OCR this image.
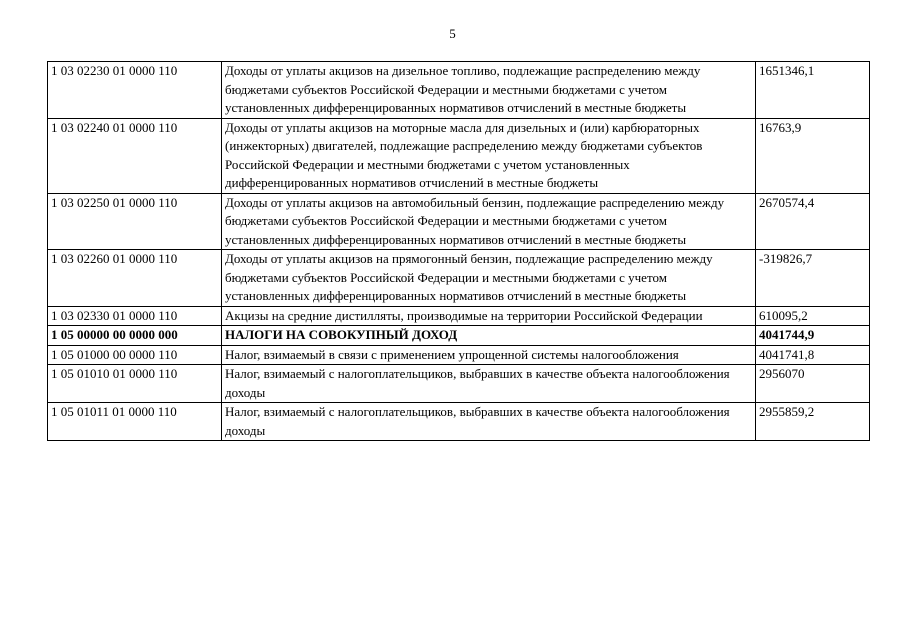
5
1 03 02230 01 0000 110	Доходы от уплаты акцизов на дизельное топливо, подлежащие распределению между бюджетами субъектов Российской Федерации и местными бюджетами с учетом установленных дифференцированных нормативов отчислений в местные бюджеты	1651346,1
1 03 02240 01 0000 110	Доходы от уплаты акцизов на моторные масла для дизельных и (или) карбюраторных (инжекторных) двигателей, подлежащие распределению между бюджетами субъектов Российской Федерации и местными бюджетами с учетом установленных дифференцированных нормативов отчислений в местные бюджеты	16763,9
1 03 02250 01 0000 110	Доходы от уплаты акцизов на автомобильный бензин, подлежащие распределению между бюджетами субъектов Российской Федерации и местными бюджетами с учетом установленных дифференцированных нормативов отчислений в местные бюджеты	2670574,4
1 03 02260 01 0000 110	Доходы от уплаты акцизов на прямогонный бензин, подлежащие распределению между бюджетами субъектов Российской Федерации и местными бюджетами с учетом установленных дифференцированных нормативов отчислений в местные бюджеты	-319826,7
1 03 02330 01 0000 110	Акцизы на средние дистилляты, производимые на территории Российской Федерации	610095,2
1 05 00000 00 0000 000	НАЛОГИ НА СОВОКУПНЫЙ ДОХОД	4041744,9
1 05 01000 00 0000 110	Налог, взимаемый в связи с применением упрощенной системы налогообложения	4041741,8
1 05 01010 01 0000 110	Налог, взимаемый с налогоплательщиков, выбравших в качестве объекта налогообложения доходы	2956070
1 05 01011 01 0000 110	Налог, взимаемый с налогоплательщиков, выбравших в качестве объекта налогообложения доходы	2955859,2
